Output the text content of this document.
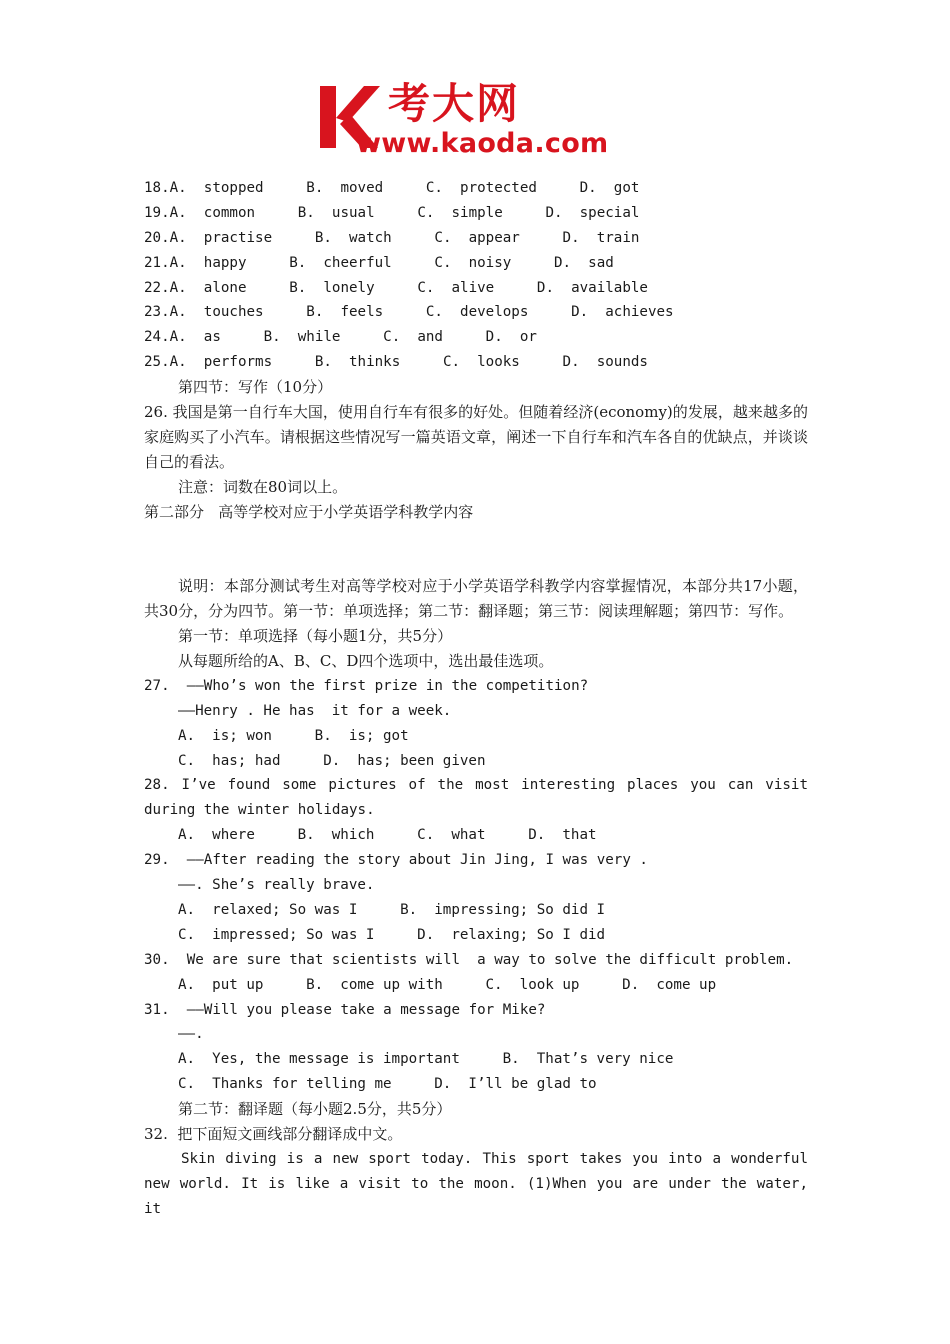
考大网
www.kaoda.com
18.A.  stopped     B.  moved     C.  protected     D.  got
19.A.  common     B.  usual     C.  simple     D.  special
20.A.  practise     B.  watch     C.  appear     D.  train
21.A.  happy     B.  cheerful     C.  noisy     D.  sad
22.A.  alone     B.  lonely     C.  alive     D.  available
23.A.  touches     B.  feels     C.  develops     D.  achieves
24.A.  as     B.  while     C.  and     D.  or
25.A.  performs     B.  thinks     C.  looks     D.  sounds
第四节：写作（10分）
26. 我国是第一自行车大国，使用自行车有很多的好处。但随着经济(economy)的发展，越来越多的家庭购买了小汽车。请根据这些情况写一篇英语文章，阐述一下自行车和汽车各自的优缺点，并谈谈自己的看法。
注意：词数在80词以上。
第二部分   高等学校对应于小学英语学科教学内容
说明：本部分测试考生对高等学校对应于小学英语学科教学内容掌握情况，本部分共17小题，共30分，分为四节。第一节：单项选择；第二节：翻译题；第三节：阅读理解题；第四节：写作。
第一节：单项选择（每小题1分，共5分）
从每题所给的A、B、C、D四个选项中，选出最佳选项。
27.  ——Who’s won the first prize in the competition?
——Henry . He has  it for a week.
A.  is; won     B.  is; got
C.  has; had     D.  has; been given
28. I’ve found some pictures of the most interesting places you can visit during the winter holidays.
A.  where     B.  which     C.  what     D.  that
29.  ——After reading the story about Jin Jing, I was very .
——. She’s really brave.
A.  relaxed; So was I     B.  impressing; So did I
C.  impressed; So was I     D.  relaxing; So I did
30.  We are sure that scientists will  a way to solve the difficult problem.
A.  put up     B.  come up with     C.  look up     D.  come up
31.  ——Will you please take a message for Mike?
——.
A.  Yes, the message is important     B.  That’s very nice
C.  Thanks for telling me     D.  I’ll be glad to
第二节：翻译题（每小题2.5分，共5分）
32.  把下面短文画线部分翻译成中文。
Skin diving is a new sport today. This sport takes you into a wonderful new world. It is like a visit to the moon. (1)When you are under the water, it
